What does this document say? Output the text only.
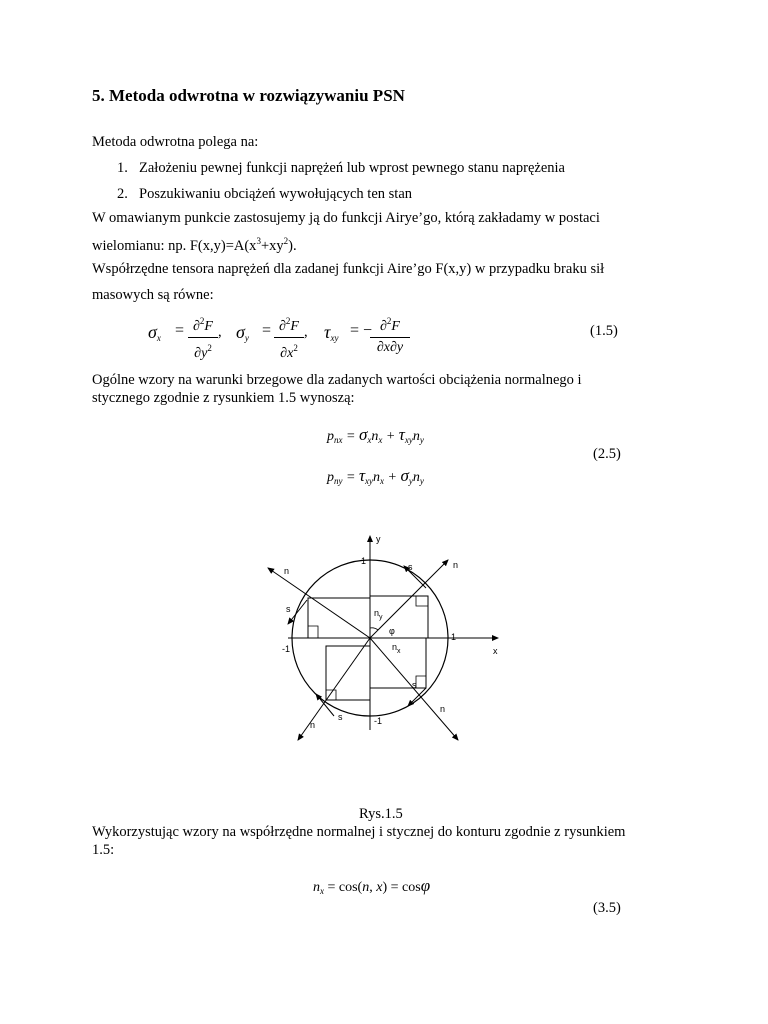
5. Metoda odwrotna w rozwiązywaniu PSN
Metoda odwrotna polega na:
1. Założeniu pewnej funkcji naprężeń lub wprost pewnego stanu naprężenia
2. Poszukiwaniu obciążeń wywołujących ten stan
W omawianym punkcie zastosujemy ją do funkcji Airye’go, którą zakładamy w postaci
wielomianu: np. $F(x,y)=A(x^3+xy^2)$.
Współrzędne tensora naprężeń dla zadanej funkcji Aire’go F(x,y) w przypadku braku sił
masowych są równe:
$\sigma_x = \partial^2F$
$\partial y^2$
, $\sigma_y = \partial^2F$
$\partial x^2$
, $\tau_{xy}$ = − ∂$^2$F
∂x∂y
(1.5)
Ogólne wzory na warunki brzegowe dla zadanych wartości obciążenia normalnego i
stycznego zgodnie z rysunkiem 1.5 wynoszą:
$p_{nx} = \sigma_xn_x + \tau_{xy}n_y$
$p_{ny} = \tau_{xy}n_x + \sigma_yn_y$
(2.5)
y
x
1
1
-1
-1
n
n
n
n
s
s
s
s
$n_y$
$n_x$
φ
Rys.1.5
Wykorzystując wzory na współrzędne normalnej i stycznej do konturu zgodnie z rysunkiem
1.5:
$n_x = \cos(n$, x) = cosφ
(3.5)
